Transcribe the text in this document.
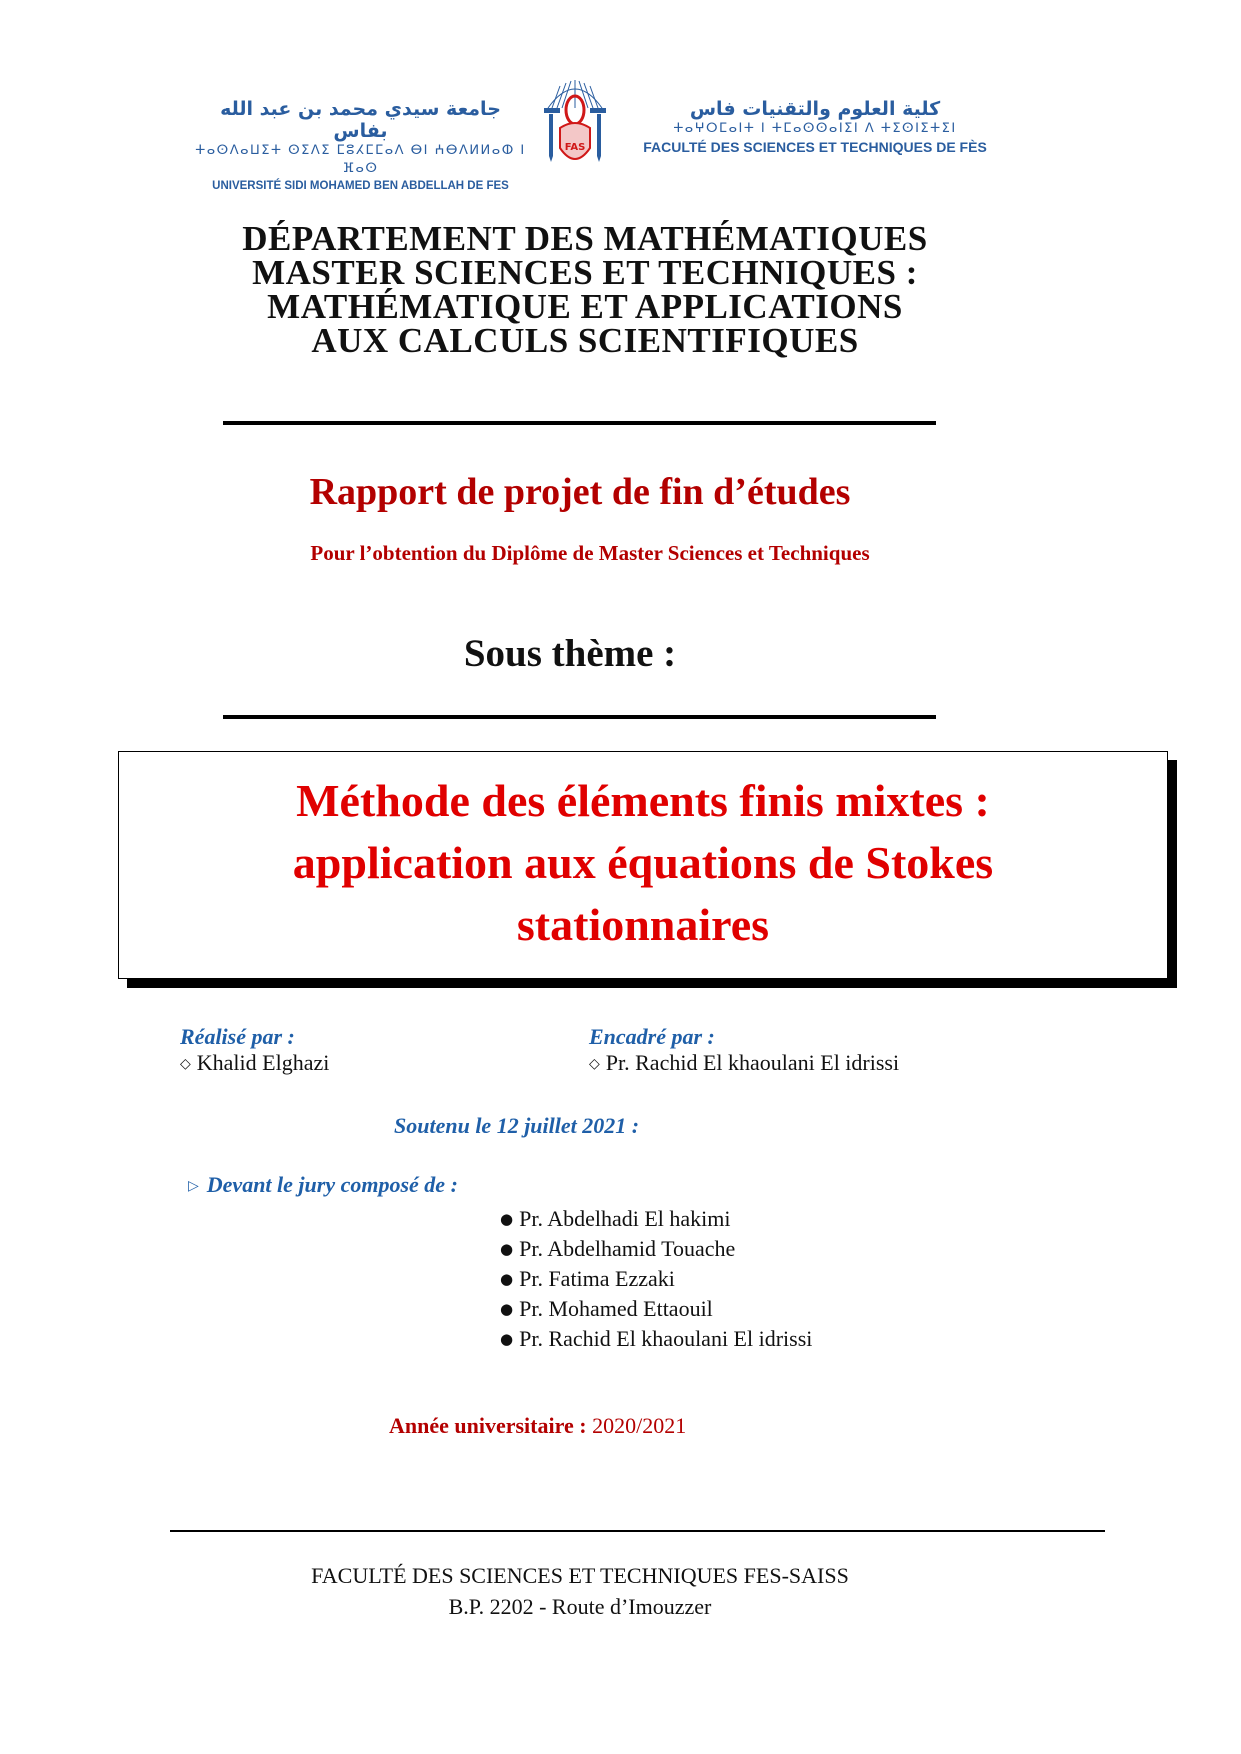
جامعة سيدي محمد بن عبد الله بفاس
ⵜⴰⵙⴷⴰⵡⵉⵜ ⵙⵉⴷⵉ ⵎⵓⵃⵎⵎⴰⴷ ⴱⵏ ⵄⴱⴷⵍⵍⴰⵀ ⵏ ⴼⴰⵙ
UNIVERSITÉ SIDI MOHAMED BEN ABDELLAH DE FES
FAS
كلية العلوم والتقنيات فاس
ⵜⴰⵖⵔⵎⴰⵏⵜ ⵏ ⵜⵎⴰⵙⵙⴰⵏⵉⵏ ⴷ ⵜⵉⵙⵏⵉⵜⵉⵏ
FACULTÉ DES SCIENCES ET TECHNIQUES DE FÈS
DÉPARTEMENT DES MATHÉMATIQUES
MASTER SCIENCES ET TECHNIQUES :
MATHÉMATIQUE ET APPLICATIONS
AUX CALCULS SCIENTIFIQUES
Rapport de projet de fin d’études
Pour l’obtention du Diplôme de Master Sciences et Techniques
Sous thème :
Méthode des éléments finis mixtes :
application aux équations de Stokes
stationnaires
Réalisé par :
◇ Khalid Elghazi
Encadré par :
◇ Pr. Rachid El khaoulani El idrissi
Soutenu le 12 juillet 2021 :
▷ Devant le jury composé de :
● Pr. Abdelhadi El hakimi
● Pr. Abdelhamid Touache
● Pr. Fatima Ezzaki
● Pr. Mohamed Ettaouil
● Pr. Rachid El khaoulani El idrissi
Année universitaire : 2020/2021
FACULTÉ DES SCIENCES ET TECHNIQUES FES-SAISS
B.P. 2202 - Route d’Imouzzer
